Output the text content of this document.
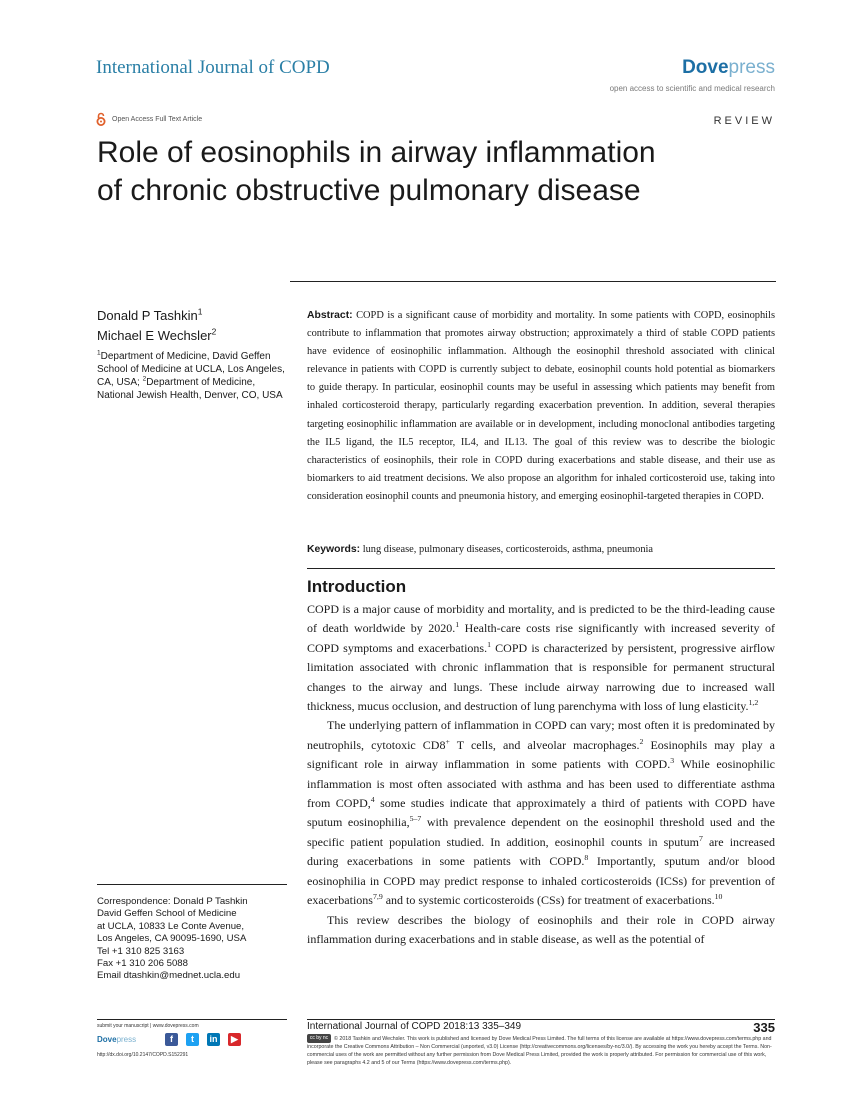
International Journal of COPD	Dovepress
open access to scientific and medical research
Open Access Full Text Article	REVIEW
Role of eosinophils in airway inflammation
of chronic obstructive pulmonary disease
Donald P Tashkin$^1$
Michael E Wechsler$^2$
$^1$Department of Medicine, David Geffen School of Medicine at UCLA, Los Angeles, CA, USA; $^2$Department of Medicine, National Jewish Health, Denver, CO, USA
Abstract: COPD is a significant cause of morbidity and mortality. In some patients with COPD, eosinophils contribute to inflammation that promotes airway obstruction; approximately a third of stable COPD patients have evidence of eosinophilic inflammation. Although the eosinophil threshold associated with clinical relevance in patients with COPD is currently subject to debate, eosinophil counts hold potential as biomarkers to guide therapy. In particular, eosinophil counts may be useful in assessing which patients may benefit from inhaled corticosteroid therapy, particularly regarding exacerbation prevention. In addition, several therapies targeting eosinophilic inflammation are available or in development, including monoclonal antibodies targeting the IL5 ligand, the IL5 receptor, IL4, and IL13. The goal of this review was to describe the biologic characteristics of eosinophils, their role in COPD during exacerbations and stable disease, and their use as biomarkers to aid treatment decisions. We also propose an algorithm for inhaled corticosteroid use, taking into consideration eosinophil counts and pneumonia history, and emerging eosinophil-targeted therapies in COPD.
Keywords: lung disease, pulmonary diseases, corticosteroids, asthma, pneumonia
Introduction

COPD is a major cause of morbidity and mortality, and is predicted to be the third-leading cause of death worldwide by 2020.$^1$ Health-care costs rise significantly with increased severity of COPD symptoms and exacerbations.$^1$ COPD is characterized by persistent, progressive airflow limitation associated with chronic inflammation that is responsible for permanent structural changes to the airway and lungs. These include airway narrowing due to increased wall thickness, mucus occlusion, and destruction of lung parenchyma with loss of lung elasticity.$^{1,2}$

The underlying pattern of inflammation in COPD can vary; most often it is predominated by neutrophils, cytotoxic CD8+ T cells, and alveolar macrophages.$^2$ Eosinophils may play a significant role in airway inflammation in some patients with COPD.$^3$ While eosinophilic inflammation is most often associated with asthma and has been used to differentiate asthma from COPD,$^4$ some studies indicate that approximately a third of patients with COPD have sputum eosinophilia,$^{5-7}$ with prevalence dependent on the eosinophil threshold used and the specific patient population studied. In addition, eosinophil counts in sputum$^7$ are increased during exacerbations in some patients with COPD.$^8$ Importantly, sputum and/or blood eosinophilia in COPD may predict response to inhaled corticosteroids (ICSs) for prevention of exacerbations$^{7,9}$ and to systemic corticosteroids (CSs) for treatment of exacerbations.$^{10}$

This review describes the biology of eosinophils and their role in COPD airway inflammation during exacerbations and in stable disease, as well as the potential of

Correspondence: Donald P Tashkin
David Geffen School of Medicine
at UCLA, 10833 Le Conte Avenue,
Los Angeles, CA 90095-1690, USA
Tel +1 310 825 3163
Fax +1 310 206 5088
Email dtashkin@mednet.ucla.edu
submit your manuscript | www.dovepress.com
Dovepress
http://dx.doi.org/10.2147/COPD.S152291
f	t	in	▶
International Journal of COPD 2018:13 335–349	335
cc by nc © 2018 Tashkin and Wechsler. This work is published and licensed by Dove Medical Press Limited. The full terms of this license are available at https://www.dovepress.com/terms.php and incorporate the Creative Commons Attribution – Non Commercial (unported, v3.0) License (http://creativecommons.org/licenses/by-nc/3.0/). By accessing the work you hereby accept the Terms. Non-commercial uses of the work are permitted without any further permission from Dove Medical Press Limited, provided the work is properly attributed. For permission for commercial use of this work, please see paragraphs 4.2 and 5 of our Terms (https://www.dovepress.com/terms.php).
